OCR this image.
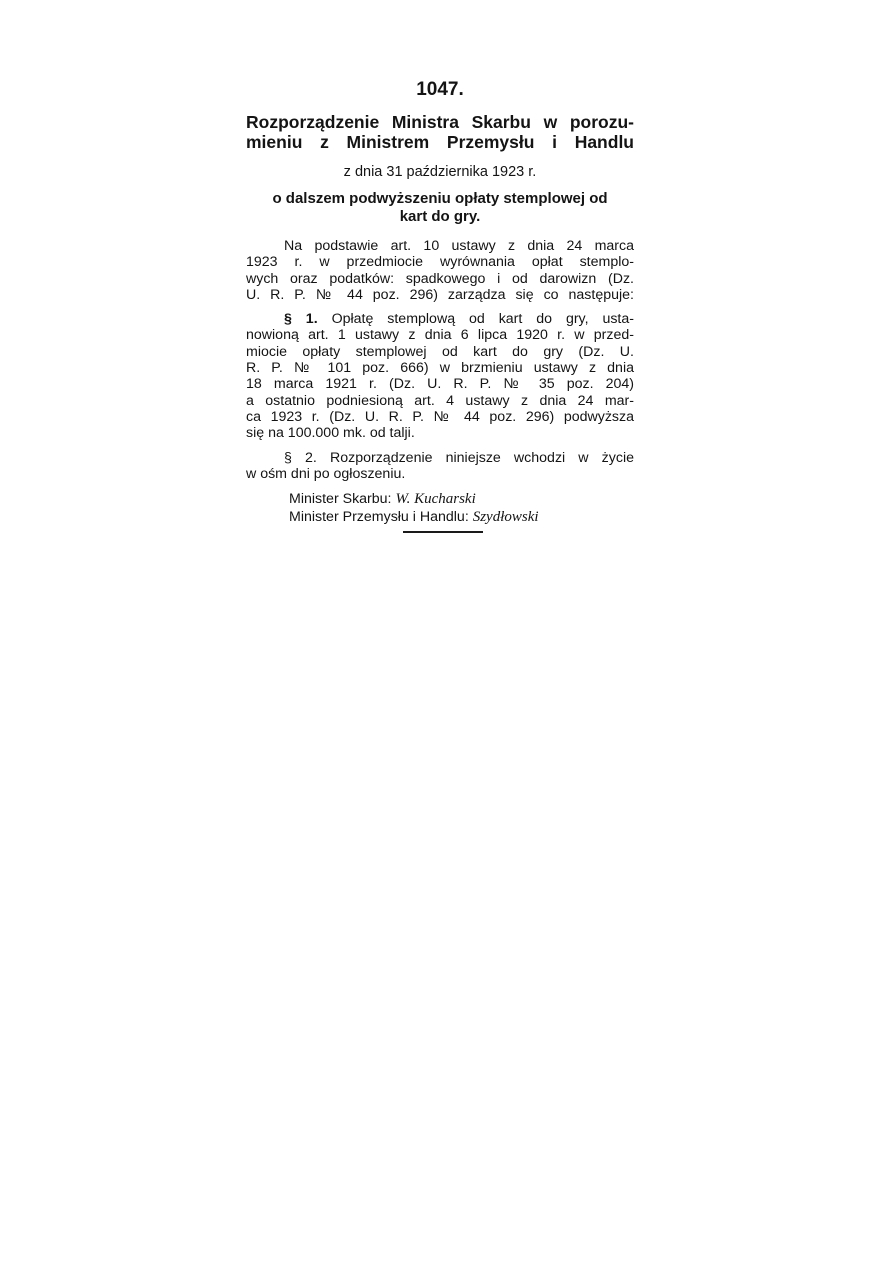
1047.
Rozporządzenie Ministra Skarbu w porozu-
mieniu z Ministrem Przemysłu i Handlu
z dnia 31 października 1923 r.
o dalszem podwyższeniu opłaty stemplowej od
kart do gry.
Na podstawie art. 10 ustawy z dnia 24 marca
1923 r. w przedmiocie wyrównania opłat stemplo-
wych oraz podatków: spadkowego i od darowizn (Dz.
U. R. P. № 44 poz. 296) zarządza się co następuje:
§ 1. Opłatę stemplową od kart do gry, usta-
nowioną art. 1 ustawy z dnia 6 lipca 1920 r. w przed-
miocie opłaty stemplowej od kart do gry (Dz. U.
R. P. № 101 poz. 666) w brzmieniu ustawy z dnia
18 marca 1921 r. (Dz. U. R. P. № 35 poz. 204)
a ostatnio podniesioną art. 4 ustawy z dnia 24 mar-
ca 1923 r. (Dz. U. R. P. № 44 poz. 296) podwyższa
się na 100.000 mk. od talji.
§ 2. Rozporządzenie niniejsze wchodzi w życie
w ośm dni po ogłoszeniu.
Minister Skarbu: W. Kucharski
Minister Przemysłu i Handlu: Szydłowski
